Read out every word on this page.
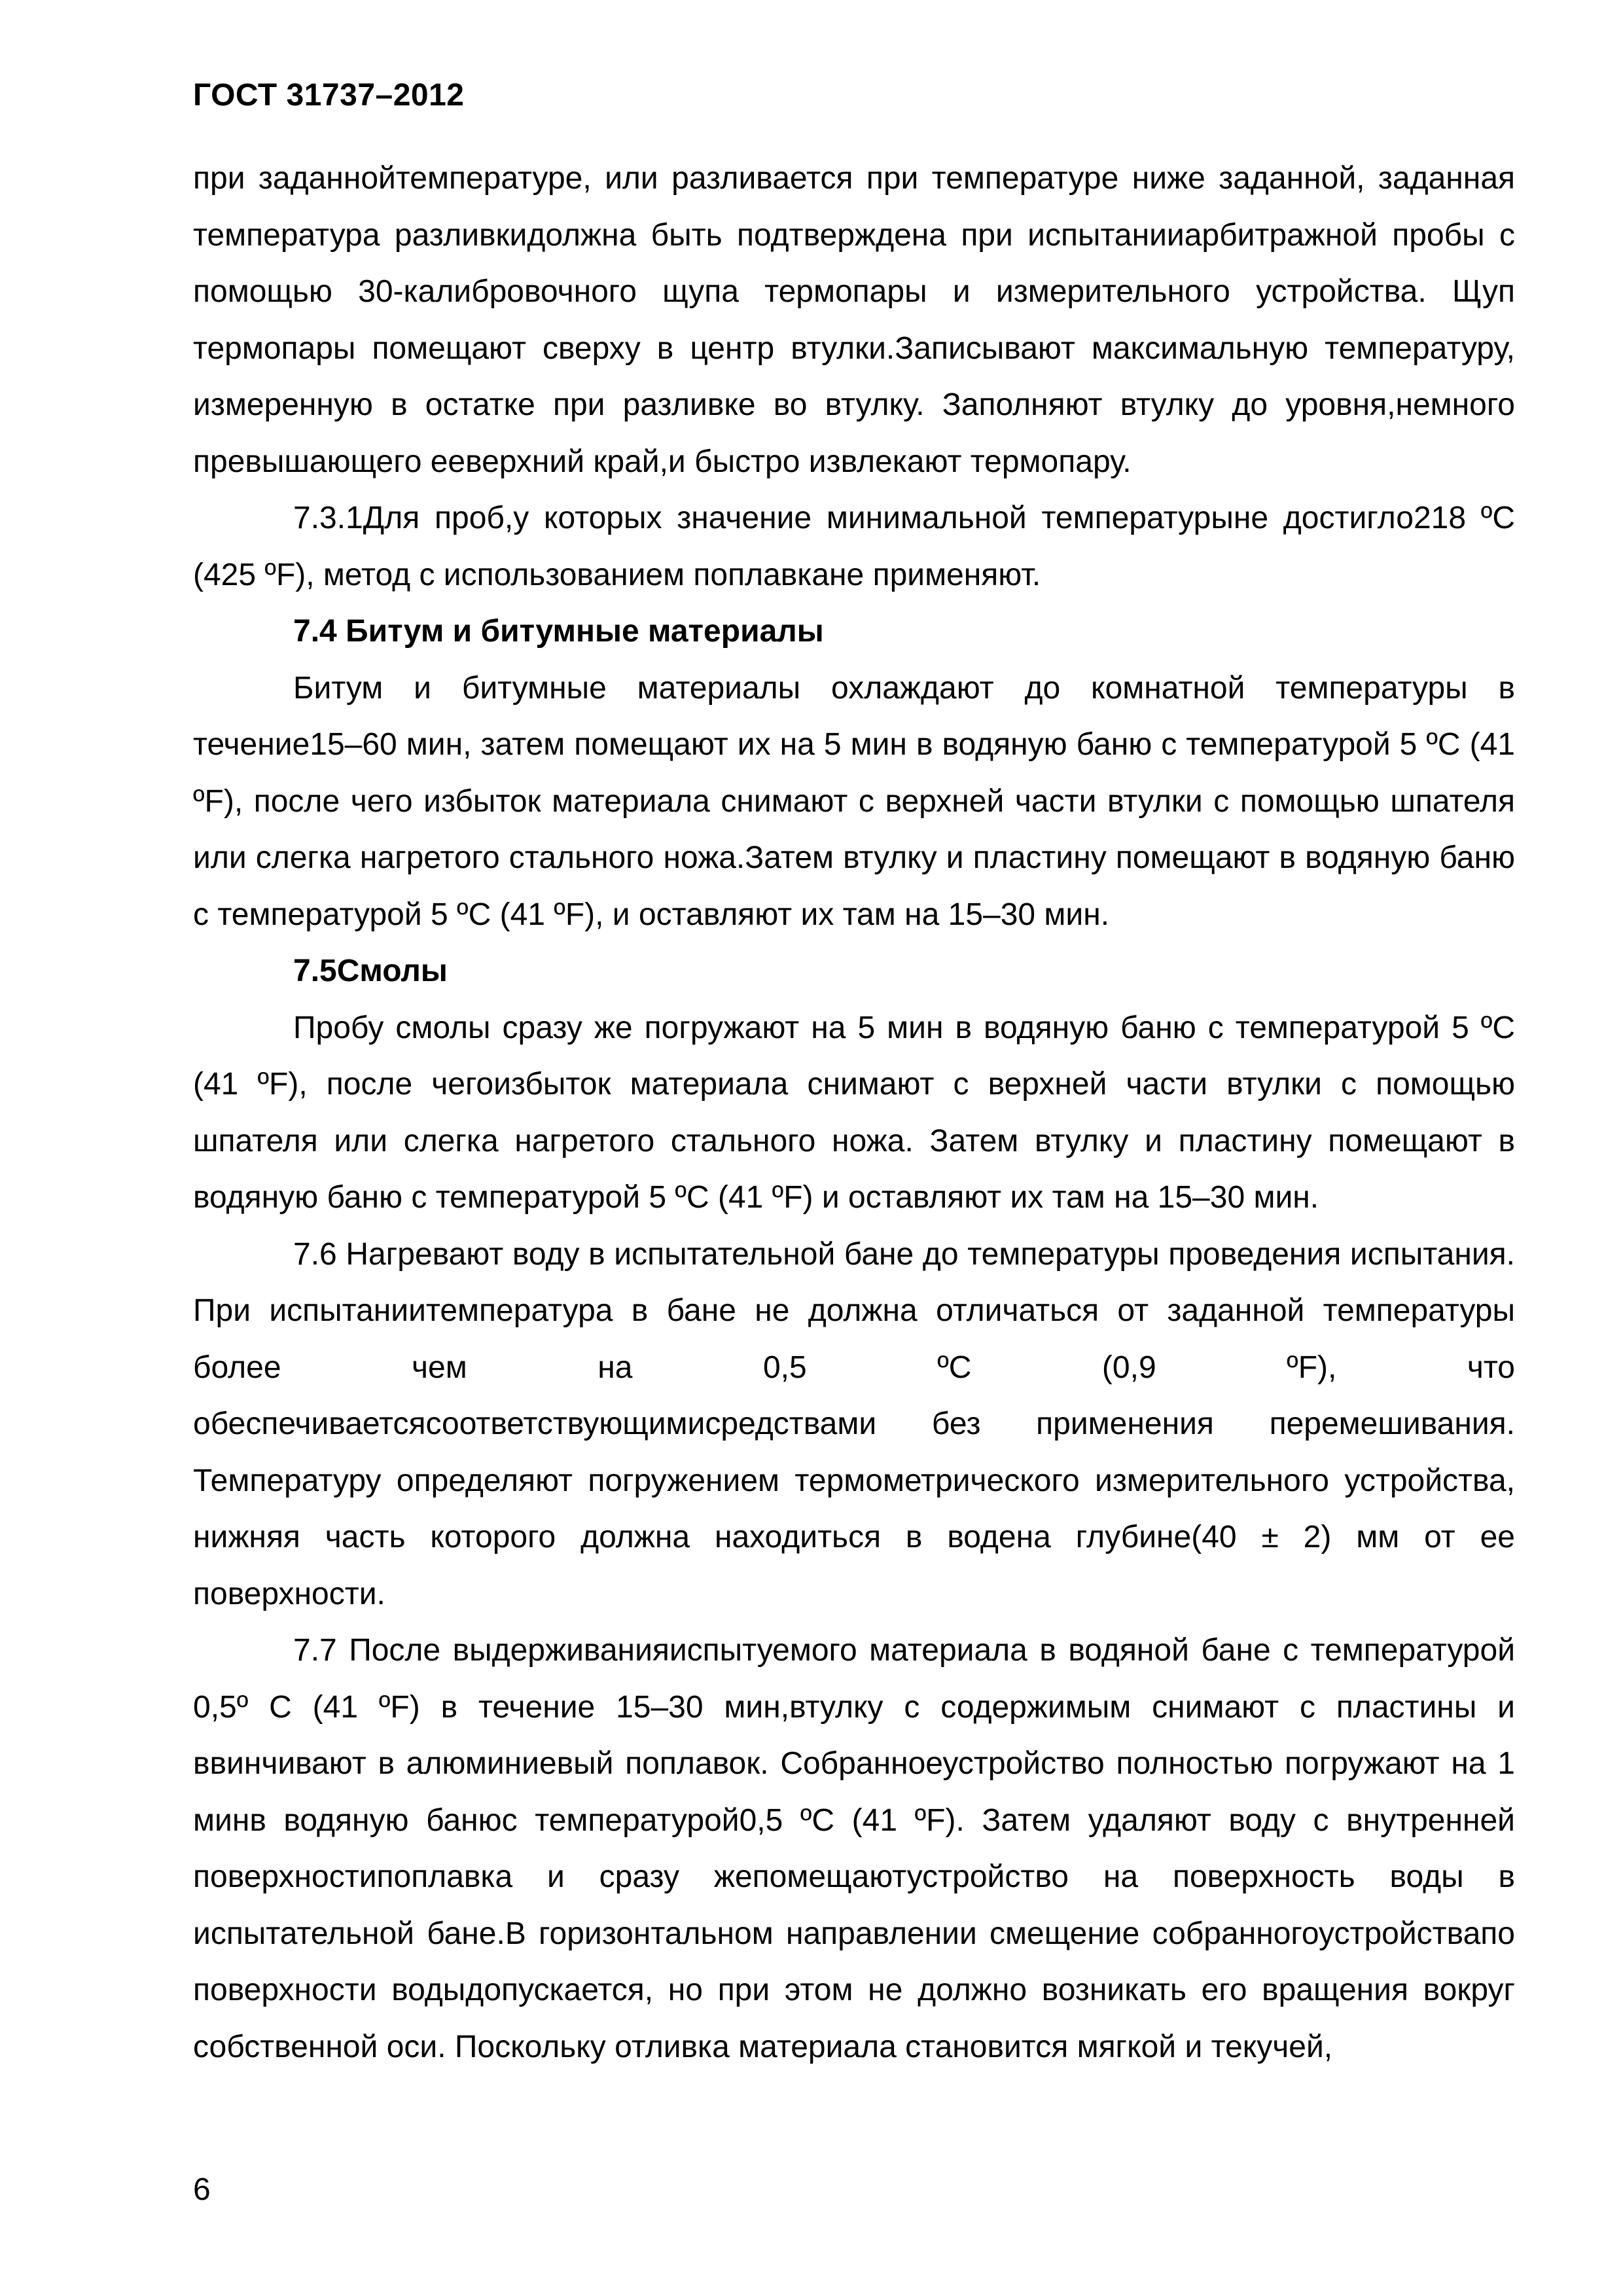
ГОСТ 31737–2012

при заданнойтемпературе, или разливается при температуре ниже заданной, заданная температура разливкидолжна быть подтверждена при испытанииарбитражной пробы с помощью 30-калибровочного щупа термопары и измерительного устройства. Щуп термопары помещают сверху в центр втулки.Записывают максимальную температуру, измеренную в остатке при разливке во втулку. Заполняют втулку до уровня,немного превышающего еeверхний край,и быстро извлекают термопару.

7.3.1Для проб,у которых значение минимальной температурыне достигло218 ºC (425 ºF), метод с использованием поплавкане применяют.

7.4 Битум и битумные материалы

Битум и битумные материалы охлаждают до комнатной температуры в течение15–60 мин, затем помещают их на 5 мин в водяную баню с температурой 5 ºC (41 ºF), после чего избыток материала снимают с верхней части втулки с помощью шпателя или слегка нагретого стального ножа.Затем втулку и пластину помещают в водяную баню с температурой 5 ºC (41 ºF), и оставляют их там на 15–30 мин.

7.5Смолы

Пробу смолы сразу же погружают на 5 мин в водяную баню с температурой 5 ºC (41 ºF), после чегоизбыток материала снимают с верхней части втулки с помощью шпателя или слегка нагретого стального ножа. Затем втулку и пластину помещают в водяную баню с температурой 5 ºC (41 ºF) и оставляют их там на 15–30 мин.

7.6 Нагревают воду в испытательной бане до температуры проведения испытания. При испытаниитемпература в бане не должна отличаться от заданной температуры более чем на 0,5 ºC (0,9 ºF), что

обеспечиваетсясоответствующимисредствами без применения перемешивания. Температуру определяют погружением термометрического измерительного устройства, нижняя часть которого должна находиться в водена глубине(40 ± 2) мм от ее поверхности.

7.7 После выдерживанияиспытуемого материала в водяной бане с температурой 0,5º C (41 ºF) в течение 15–30 мин,втулку с содержимым снимают с пластины и ввинчивают в алюминиевый поплавок. Собранноеустройство полностью погружают на 1 минв водяную банюс температурой0,5 ºC (41 ºF). Затем удаляют воду с внутренней поверхностипоплавка и сразу жепомещаютустройство на поверхность воды в испытательной бане.В горизонтальном направлении смещение собранногоустройствапо поверхности водыдопускается, но при этом не должно возникать его вращения вокруг собственной оси. Поскольку отливка материала становится мягкой и текучей,

6
